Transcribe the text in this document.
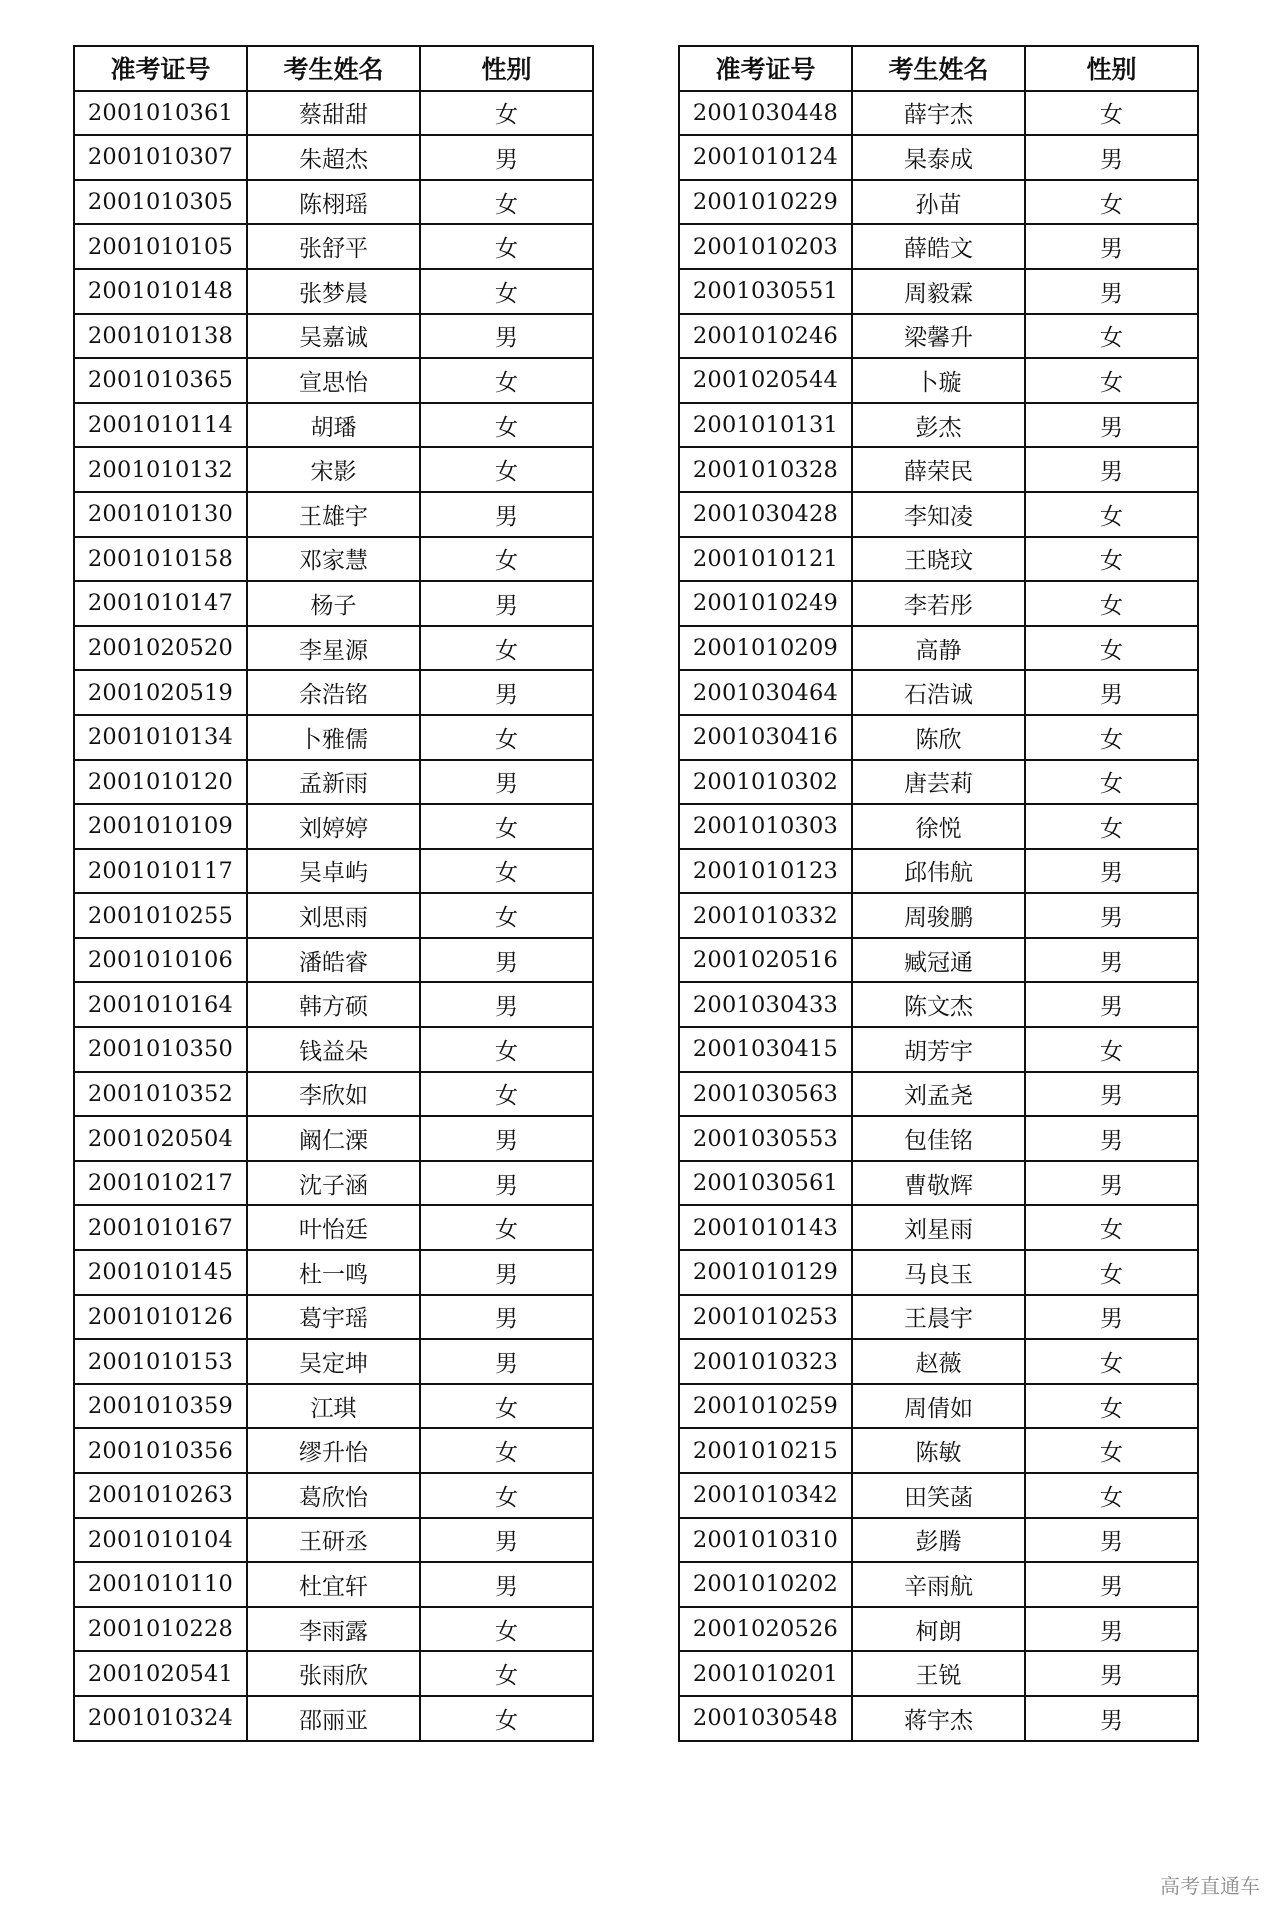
准考证号	考生姓名	性别
2001010361	蔡甜甜	女
2001010307	朱超杰	男
2001010305	陈栩瑶	女
2001010105	张舒平	女
2001010148	张梦晨	女
2001010138	吴嘉诚	男
2001010365	宣思怡	女
2001010114	胡璠	女
2001010132	宋影	女
2001010130	王雄宇	男
2001010158	邓家慧	女
2001010147	杨子	男
2001020520	李星源	女
2001020519	余浩铭	男
2001010134	卜雅儒	女
2001010120	孟新雨	男
2001010109	刘婷婷	女
2001010117	吴卓屿	女
2001010255	刘思雨	女
2001010106	潘皓睿	男
2001010164	韩方硕	男
2001010350	钱益朵	女
2001010352	李欣如	女
2001020504	阚仁溧	男
2001010217	沈子涵	男
2001010167	叶怡廷	女
2001010145	杜一鸣	男
2001010126	葛宇瑶	男
2001010153	吴定坤	男
2001010359	江琪	女
2001010356	缪升怡	女
2001010263	葛欣怡	女
2001010104	王研丞	男
2001010110	杜宜轩	男
2001010228	李雨露	女
2001020541	张雨欣	女
2001010324	邵丽亚	女
准考证号	考生姓名	性别
2001030448	薛宇杰	女
2001010124	杲泰成	男
2001010229	孙苗	女
2001010203	薛皓文	男
2001030551	周毅霖	男
2001010246	梁馨升	女
2001020544	卜璇	女
2001010131	彭杰	男
2001010328	薛荣民	男
2001030428	李知凌	女
2001010121	王晓玟	女
2001010249	李若彤	女
2001010209	高静	女
2001030464	石浩诚	男
2001030416	陈欣	女
2001010302	唐芸莉	女
2001010303	徐悦	女
2001010123	邱伟航	男
2001010332	周骏鹏	男
2001020516	臧冠通	男
2001030433	陈文杰	男
2001030415	胡芳宇	女
2001030563	刘孟尧	男
2001030553	包佳铭	男
2001030561	曹敬辉	男
2001010143	刘星雨	女
2001010129	马良玉	女
2001010253	王晨宇	男
2001010323	赵薇	女
2001010259	周倩如	女
2001010215	陈敏	女
2001010342	田笑菡	女
2001010310	彭腾	男
2001010202	辛雨航	男
2001020526	柯朗	男
2001010201	王锐	男
2001030548	蒋宇杰	男
高考直通车
